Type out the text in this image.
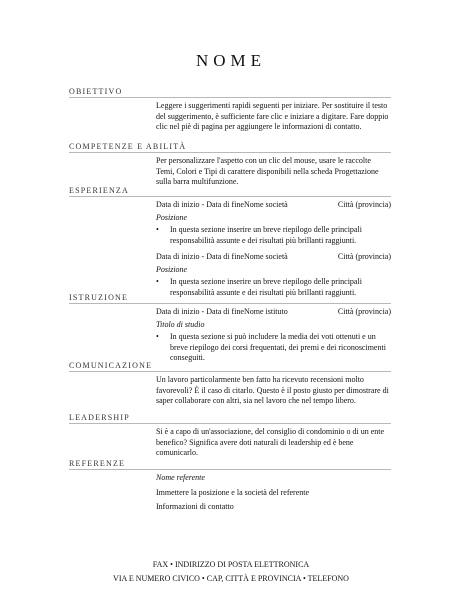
NOME
OBIETTIVO

Leggere i suggerimenti rapidi seguenti per iniziare. Per sostituire il testo del suggerimento, è sufficiente fare clic e iniziare a digitare. Fare doppio clic nel piè di pagina per aggiungere le informazioni di contatto.

COMPETENZE E ABILITÀ

Per personalizzare l'aspetto con un clic del mouse, usare le raccolte Temi, Colori e Tipi di carattere disponibili nella scheda Progettazione sulla barra multifunzione.

ESPERIENZA
Data di inizio - Data di fineNome società	Città (provincia)
Posizione
•	In questa sezione inserire un breve riepilogo delle principali responsabilità assunte e dei risultati più brillanti raggiunti.
Data di inizio - Data di fineNome società	Città (provincia)
Posizione
•	In questa sezione inserire un breve riepilogo delle principali responsabilità assunte e dei risultati più brillanti raggiunti.
ISTRUZIONE
Data di inizio - Data di fineNome istituto	Città (provincia)
Titolo di studio
•	In questa sezione si può includere la media dei voti ottenuti e un breve riepilogo dei corsi frequentati, dei premi e dei riconoscimenti conseguiti.
COMUNICAZIONE

Un lavoro particolarmente ben fatto ha ricevuto recensioni molto favorevoli? È il caso di citarlo. Questo è il posto giusto per dimostrare di saper collaborare con altri, sia nel lavoro che nel tempo libero.

LEADERSHIP

Si è a capo di un'associazione, del consiglio di condominio o di un ente benefico? Significa avere doti naturali di leadership ed è bene comunicarlo.

REFERENZE
Nome referente
Immettere la posizione e la società del referente
Informazioni di contatto
FAX • INDIRIZZO DI POSTA ELETTRONICA
VIA E NUMERO CIVICO • CAP, CITTÀ E PROVINCIA • TELEFONO
